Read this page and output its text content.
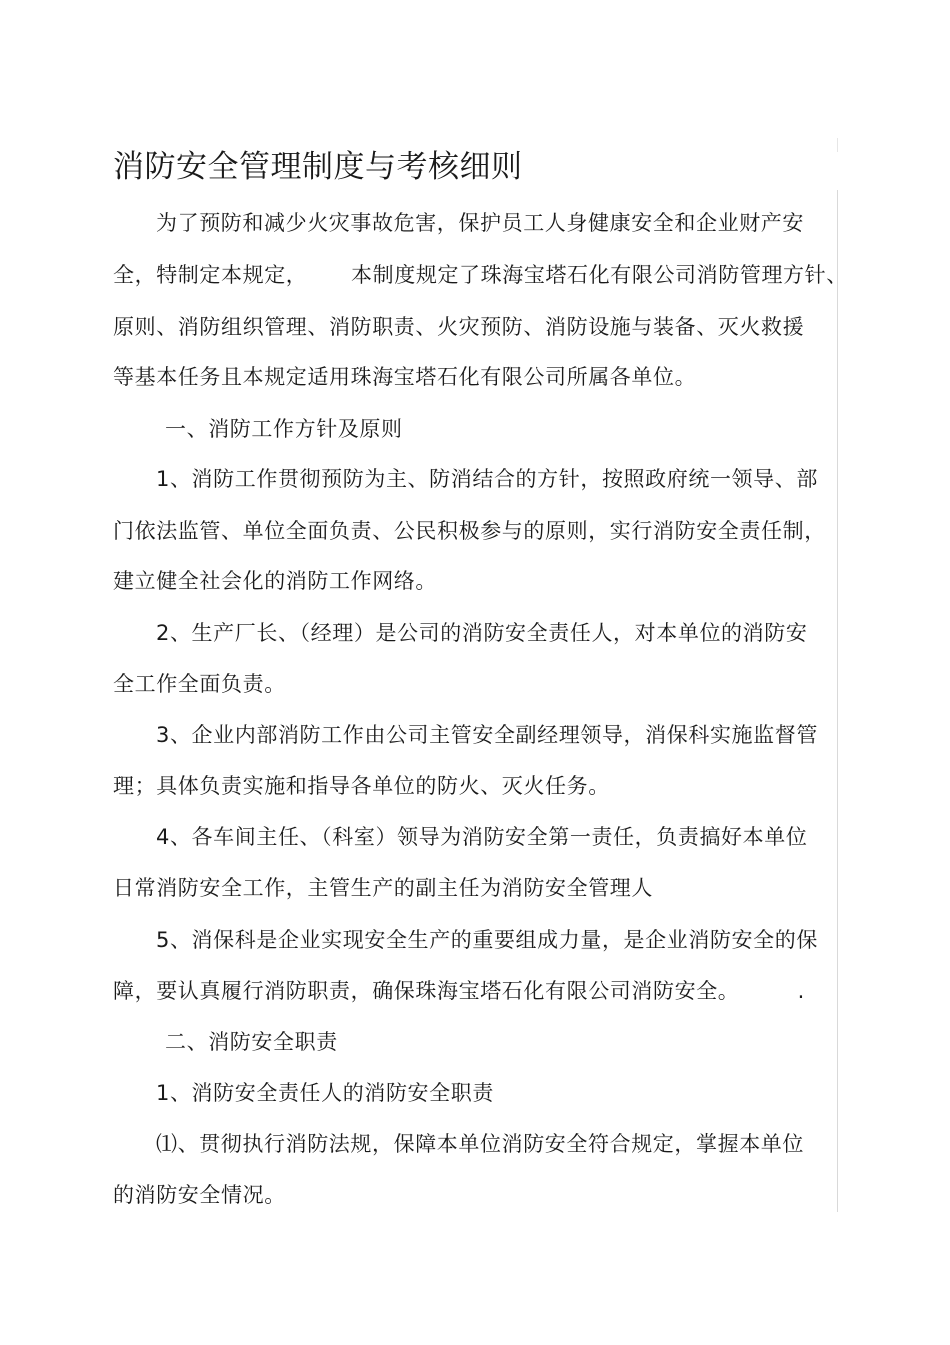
消防安全管理制度与考核细则
为了预防和减少火灾事故危害，保护员工人身健康安全和企业财产安
全，特制定本规定，      本制度规定了珠海宝塔石化有限公司消防管理方针、
原则、消防组织管理、消防职责、火灾预防、消防设施与装备、灭火救援
等基本任务且本规定适用珠海宝塔石化有限公司所属各单位。
一、消防工作方针及原则
1、消防工作贯彻预防为主、防消结合的方针，按照政府统一领导、部
门依法监管、单位全面负责、公民积极参与的原则，实行消防安全责任制，
建立健全社会化的消防工作网络。
2、生产厂长、（经理）是公司的消防安全责任人，对本单位的消防安
全工作全面负责。
3、企业内部消防工作由公司主管安全副经理领导，消保科实施监督管
理；具体负责实施和指导各单位的防火、灭火任务。
4、各车间主任、（科室）领导为消防安全第一责任，负责搞好本单位
日常消防安全工作，主管生产的副主任为消防安全管理人
5、消保科是企业实现安全生产的重要组成力量，是企业消防安全的保
障，要认真履行消防职责，确保珠海宝塔石化有限公司消防安全。        .
二、消防安全职责
1、消防安全责任人的消防安全职责
⑴、贯彻执行消防法规，保障本单位消防安全符合规定，掌握本单位
的消防安全情况。
